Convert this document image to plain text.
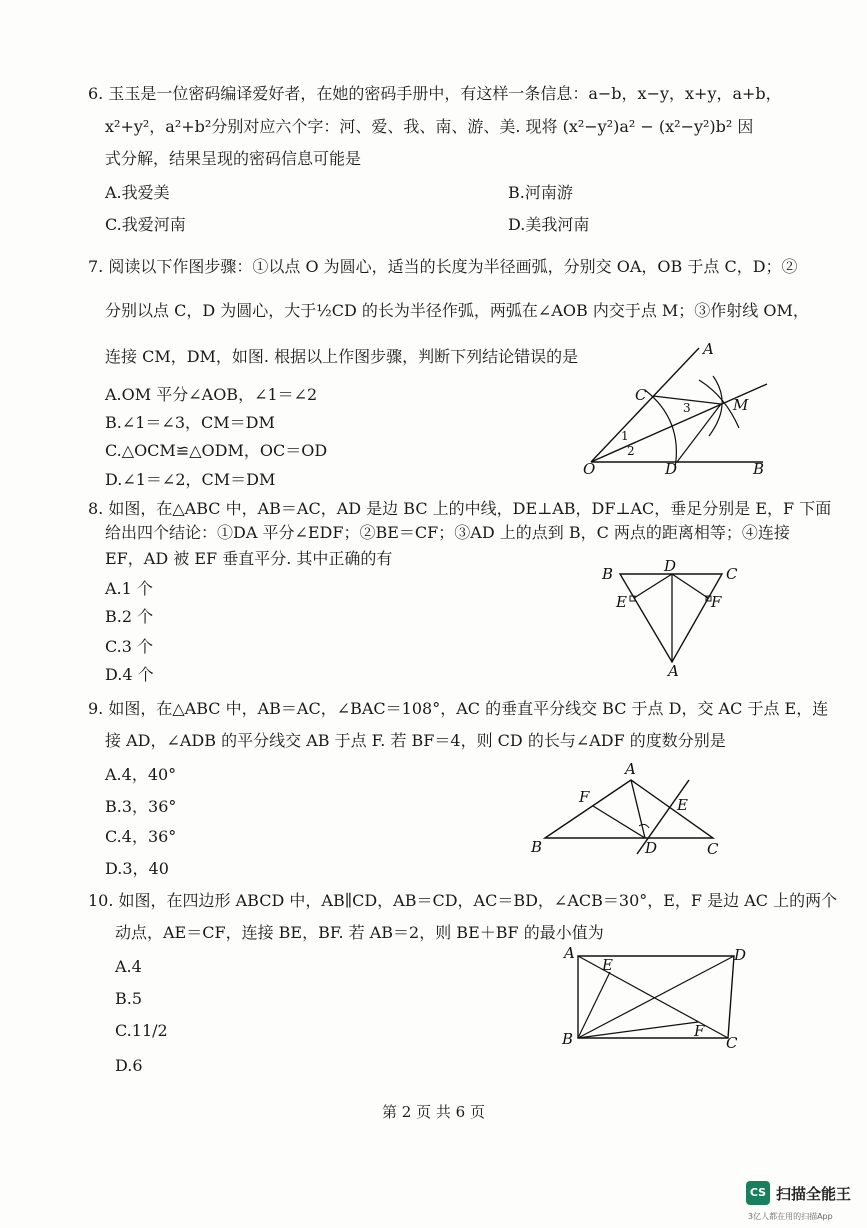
6. 玉玉是一位密码编译爱好者，在她的密码手册中，有这样一条信息：a−b，x−y，x+y，a+b，
x²+y²，a²+b²分别对应六个字：河、爱、我、南、游、美. 现将 (x²−y²)a² − (x²−y²)b² 因
式分解，结果呈现的密码信息可能是
A.我爱美	B.河南游
C.我爱河南	D.美我河南
7. 阅读以下作图步骤：①以点 O 为圆心，适当的长度为半径画弧，分别交 OA，OB 于点 C，D；②
分别以点 C，D 为圆心，大于½CD 的长为半径作弧，两弧在∠AOB 内交于点 M；③作射线 OM，
连接 CM，DM，如图. 根据以上作图步骤，判断下列结论错误的是
A.OM 平分∠AOB，∠1＝∠2
B.∠1＝∠3，CM＝DM
C.△OCM≌△ODM，OC＝OD
D.∠1＝∠2，CM＝DM
A
C
3	M
1
2
O	D	B
8. 如图，在△ABC 中，AB＝AC，AD 是边 BC 上的中线，DE⊥AB，DF⊥AC，垂足分别是 E，F 下面
给出四个结论：①DA 平分∠EDF；②BE＝CF；③AD 上的点到 B，C 两点的距离相等；④连接
EF，AD 被 EF 垂直平分. 其中正确的有
A.1 个
B.2 个
C.3 个
D.4 个
B	D	C
E	F
A
9. 如图，在△ABC 中，AB＝AC，∠BAC＝108°，AC 的垂直平分线交 BC 于点 D，交 AC 于点 E，连
接 AD，∠ADB 的平分线交 AB 于点 F. 若 BF＝4，则 CD 的长与∠ADF 的度数分别是
A.4，40°
B.3，36°
C.4，36°
D.3，40
A
F	E
B	D	C
10. 如图，在四边形 ABCD 中，AB∥CD，AB＝CD，AC＝BD，∠ACB＝30°，E，F 是边 AC 上的两个
动点，AE＝CF，连接 BE，BF. 若 AB＝2，则 BE＋BF 的最小值为
A.4
B.5
C.11/2
D.6
A
E
D
B	F
C
第 2 页 共 6 页
CS 扫描全能王
3亿人都在用的扫描App
